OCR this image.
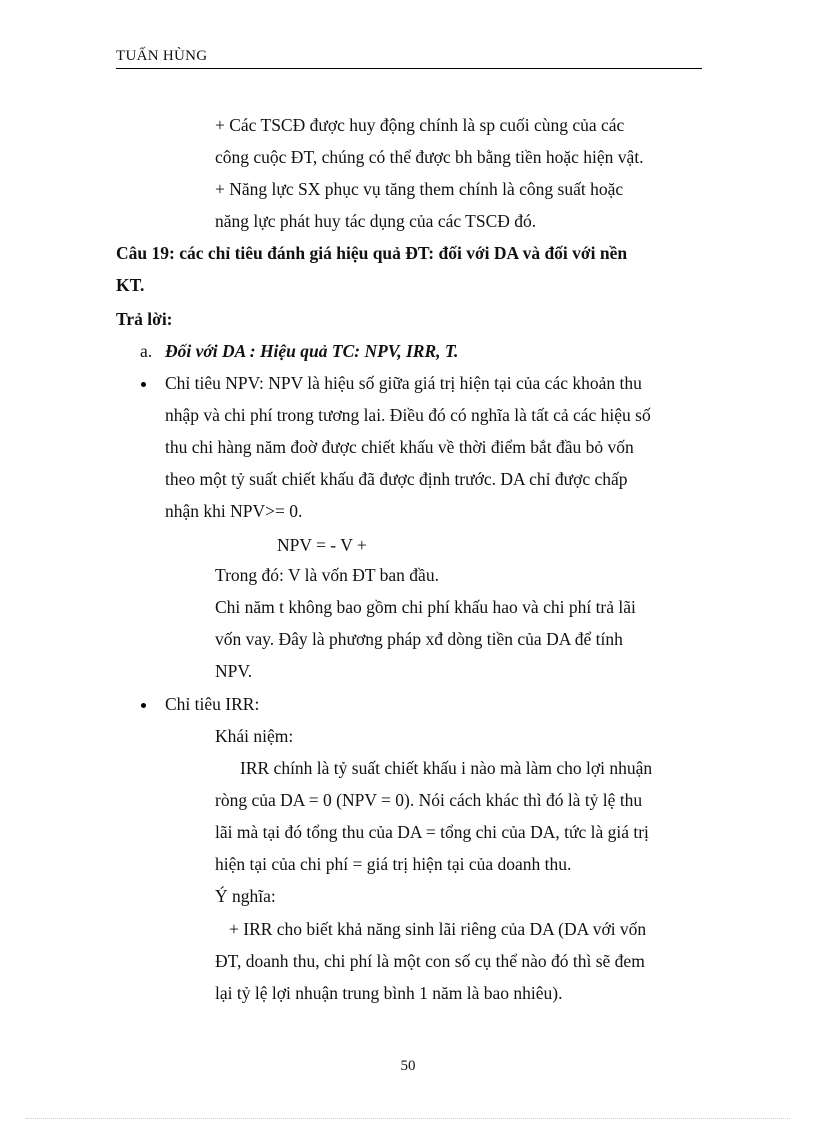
TUẤN HÙNG
+ Các TSCĐ được huy động chính là sp cuối cùng của các
công cuộc ĐT, chúng có thể được bh bằng tiền hoặc hiện vật.
+ Năng lực SX phục vụ tăng them chính là công suất hoặc
năng lực phát huy tác dụng của các TSCĐ đó.
Câu 19: các chỉ tiêu đánh giá hiệu quả ĐT: đối với DA và đối với nền
KT.
Trả lời:
a. Đối với DA : Hiệu quả TC: NPV, IRR, T.
Chỉ tiêu NPV: NPV là hiệu số giữa giá trị hiện tại của các khoản thu
nhập và chi phí trong tương lai. Điều đó có nghĩa là tất cả các hiệu số
thu chi hàng năm đoờ được chiết khấu về thời điểm bắt đầu bỏ vốn
theo một tỷ suất chiết khấu đã được định trước. DA chỉ được chấp
nhận khi NPV>= 0.
NPV = - V +
Trong đó: V là vốn ĐT ban đầu.
Chi năm t không bao gồm chi phí khấu hao và chi phí trả lãi
vốn vay. Đây là phương pháp xđ dòng tiền của DA để tính
NPV.
Chỉ tiêu IRR:
Khái niệm:
IRR chính là tỷ suất chiết khấu i nào mà làm cho lợi nhuận
ròng của DA = 0 (NPV = 0). Nói cách khác thì đó là tỷ lệ thu
lãi mà tại đó tổng thu của DA = tổng chi của DA, tức là giá trị
hiện tại của chi phí = giá trị hiện tại của doanh thu.
Ý nghĩa:
+ IRR cho biết khả năng sinh lãi riêng của DA (DA với vốn
ĐT, doanh thu, chi phí là một con số cụ thể nào đó thì sẽ đem
lại tỷ lệ lợi nhuận trung bình 1 năm là bao nhiêu).
50
